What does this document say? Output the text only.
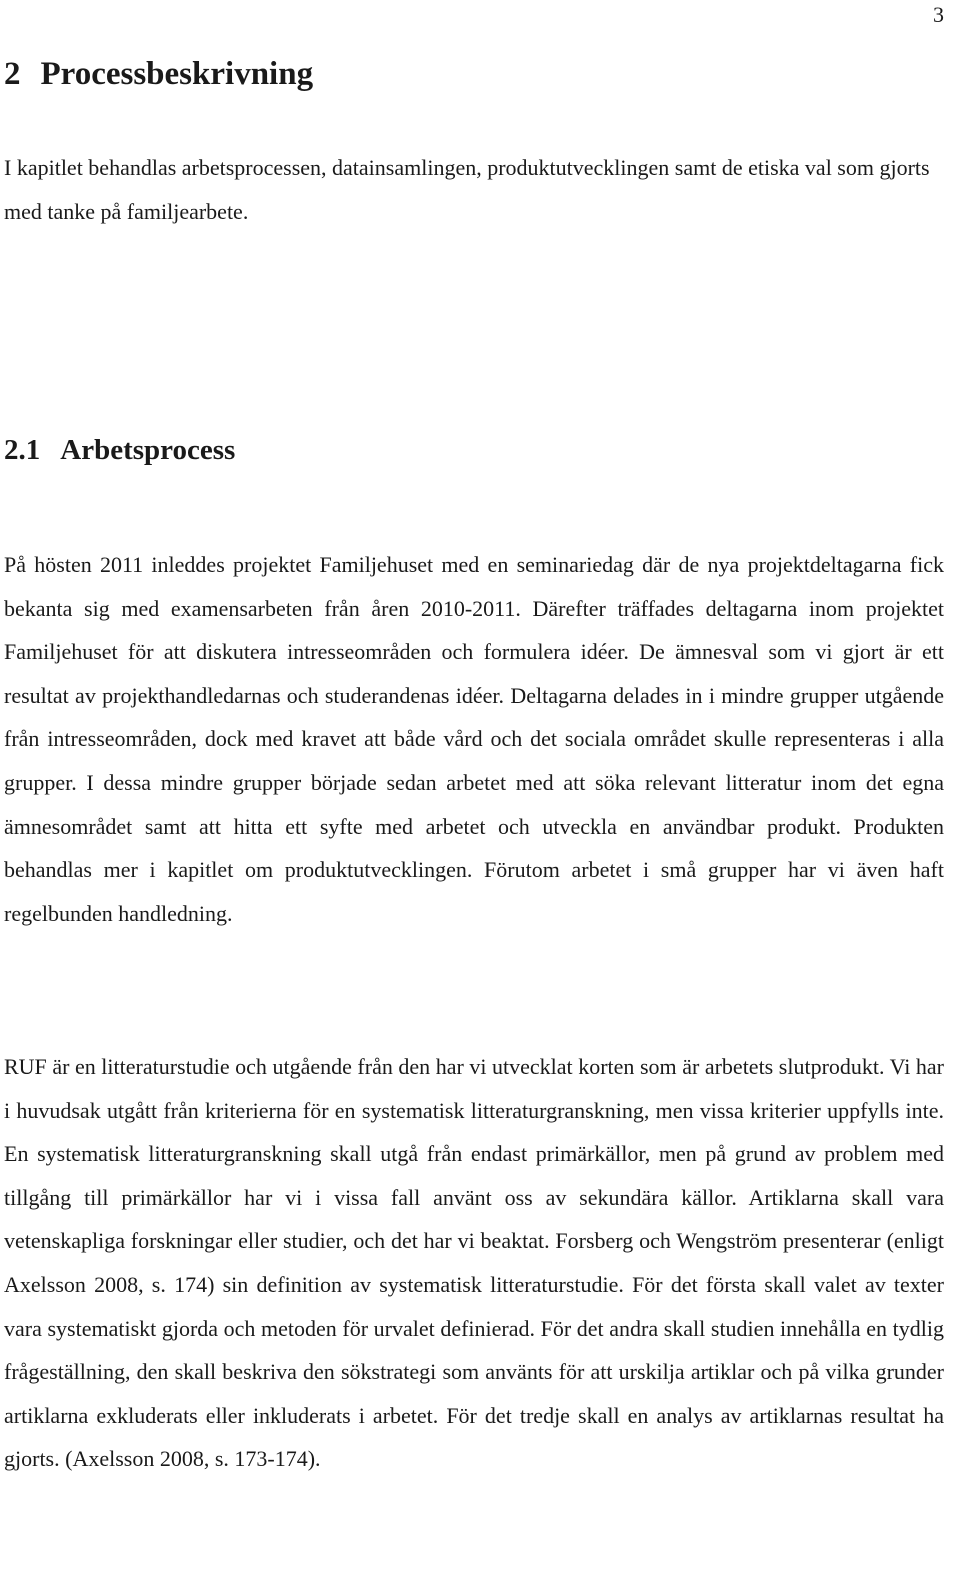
3
2 Processbeskrivning

I kapitlet behandlas arbetsprocessen, datainsamlingen, produktutvecklingen samt de etiska val som gjorts med tanke på familjearbete.

2.1 Arbetsprocess

På hösten 2011 inleddes projektet Familjehuset med en seminariedag där de nya projektdeltagarna fick bekanta sig med examensarbeten från åren 2010-2011. Därefter träffades deltagarna inom projektet Familjehuset för att diskutera intresseområden och formulera idéer. De ämnesval som vi gjort är ett resultat av projekthandledarnas och studerandenas idéer. Deltagarna delades in i mindre grupper utgående från intresseområden, dock med kravet att både vård och det sociala området skulle representeras i alla grupper. I dessa mindre grupper började sedan arbetet med att söka relevant litteratur inom det egna ämnesområdet samt att hitta ett syfte med arbetet och utveckla en användbar produkt. Produkten behandlas mer i kapitlet om produktutvecklingen. Förutom arbetet i små grupper har vi även haft regelbunden handledning.

RUF är en litteraturstudie och utgående från den har vi utvecklat korten som är arbetets slutprodukt. Vi har i huvudsak utgått från kriterierna för en systematisk litteraturgranskning, men vissa kriterier uppfylls inte. En systematisk litteraturgranskning skall utgå från endast primärkällor, men på grund av problem med tillgång till primärkällor har vi i vissa fall använt oss av sekundära källor. Artiklarna skall vara vetenskapliga forskningar eller studier, och det har vi beaktat. Forsberg och Wengström presenterar (enligt Axelsson 2008, s. 174) sin definition av systematisk litteraturstudie. För det första skall valet av texter vara systematiskt gjorda och metoden för urvalet definierad. För det andra skall studien innehålla en tydlig frågeställning, den skall beskriva den sökstrategi som använts för att urskilja artiklar och på vilka grunder artiklarna exkluderats eller inkluderats i arbetet. För det tredje skall en analys av artiklarnas resultat ha gjorts. (Axelsson 2008, s. 173-174).
